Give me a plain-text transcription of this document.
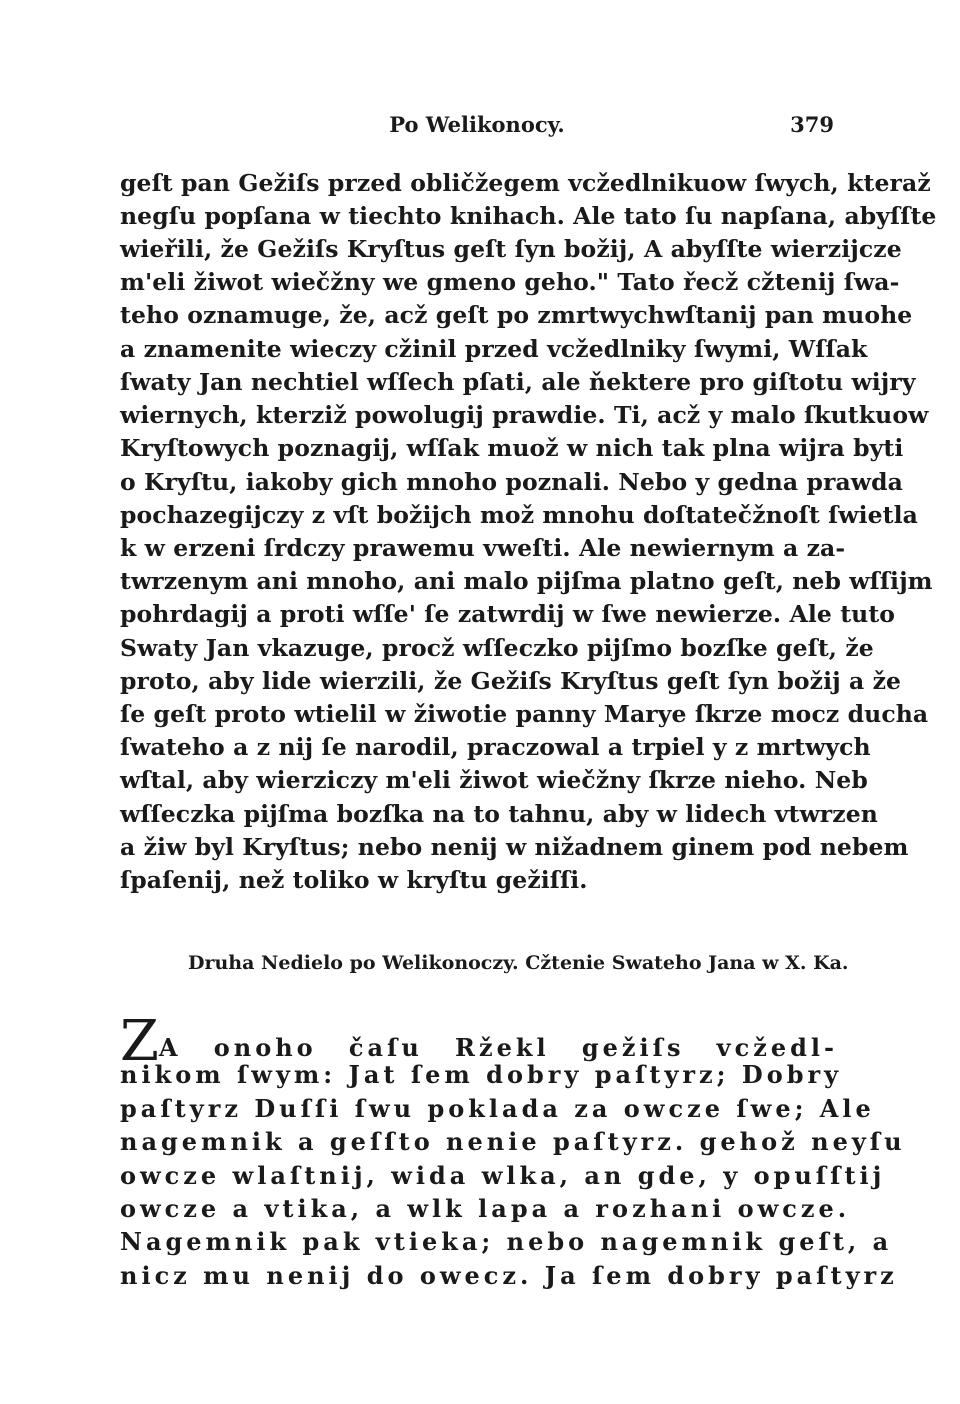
Po Welikonocy.	379
geſt pan Gežiſs przed obličžegem vcžedlnikuow ſwych, kteraž
negſu popſana w tiechto knihach. Ale tato ſu napſana, abyſſte
wieřili, že Gežiſs Kryſtus geſt ſyn božij, A abyſſte wierzijcze
m'eli žiwot wiečžny we gmeno geho." Tato řecž cžtenij ſwa-
teho oznamuge, že, acž geſt po zmrtwychwſtanij pan muohe
a znamenite wieczy cžinil przed vcžedlniky ſwymi, Wſſak
ſwaty Jan nechtiel wſſech pſati, ale ňektere pro giſtotu wijry
wiernych, kterziž powolugij prawdie. Ti, acž y malo ſkutkuow
Kryſtowych poznagij, wſſak muož w nich tak plna wijra byti
o Kryſtu, iakoby gich mnoho poznali. Nebo y gedna prawda
pochazegijczy z vſt božijch mož mnohu doſtatečžnoſt ſwietla
k w erzeni ſrdczy prawemu vweſti. Ale newiernym a za-
twrzenym ani mnoho, ani malo pijſma platno geſt, neb wſſijm
pohrdagij a proti wſſe' ſe zatwrdij w ſwe newierze. Ale tuto
Swaty Jan vkazuge, procž wſſeczko pijſmo bozſke geſt, že
proto, aby lide wierzili, že Gežiſs Kryſtus geſt ſyn božij a že
ſe geſt proto wtielil w žiwotie panny Marye ſkrze mocz ducha
ſwateho a z nij ſe narodil, praczowal a trpiel y z mrtwych
wſtal, aby wierziczy m'eli žiwot wiečžny ſkrze nieho. Neb
wſſeczka pijſma bozſka na to tahnu, aby w lidech vtwrzen
a žiw byl Kryſtus; nebo nenij w nižadnem ginem pod nebem
ſpaſenij, než toliko w kryſtu gežiſſi.
Druha Nedielo po Welikonoczy. Cžtenie Swateho Jana w X. Ka.
ZA onoho čaſu Ržekl gežiſs vcžedl-
nikom ſwym: Jat ſem dobry paſtyrz; Dobry
paſtyrz Duſſi ſwu poklada za owcze ſwe; Ale
nagemnik a geſſto nenie paſtyrz. gehož neyſu
owcze wlaſtnij, wida wlka, an gde, y opuſſtij
owcze a vtika, a wlk lapa a rozhani owcze.
Nagemnik pak vtieka; nebo nagemnik geſt, a
nicz mu nenij do owecz. Ja ſem dobry paſtyrz
